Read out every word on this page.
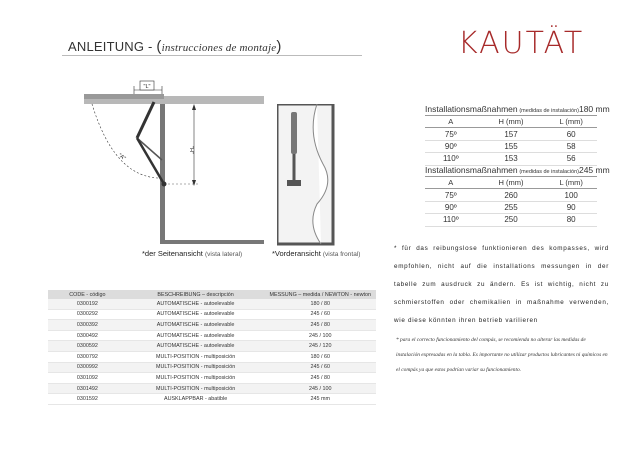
ANLEITUNG - (instrucciones de montaje)	KAUTÄT
"L"
"A"
"H"
*der Seitenansicht (vista lateral)	*Vorderansicht (vista frontal)
Installationsmaßnahmen (medidas de instalación)180 mm
A	H (mm)	L (mm)
75º	157	60
90º	155	58
110º	153	56
Installationsmaßnahmen (medidas de instalación)245 mm
A	H (mm)	L (mm)
75º	260	100
90º	255	90
110º	250	80
* für das reibungslose funktionieren des kompasses, wird empfohlen, nicht auf die installations messungen in der tabelle zum ausdruck zu ändern. Es ist wichtig, nicht zu schmierstoffen oder chemikalien in maßnahme verwenden, wie diese könnten ihren betrieb varilieren
* para el correcto funcionamiento del compás, se recomienda no alterar las medidas de instalación expresadas en la tabla. Es importante no utilizar productos lubricantes ni químicos en el compás ya que estos podrían variar su funcionamiento.
CODE - código	BESCHREIBUNG – descripción	MESSUNG – medida / NEWTON - newton
0300192	AUTOMATISCHE - autoelevable	180 / 80
0300292	AUTOMATISCHE - autoelevable	245 / 60
0300392	AUTOMATISCHE - autoelevable	245 / 80
0300492	AUTOMATISCHE - autoelevable	245 / 100
0300592	AUTOMATISCHE - autoelevable	245 / 120
0300792	MULTI-POSITION - multiposición	180 / 60
0300992	MULTI-POSITION - multiposición	245 / 60
0301092	MULTI-POSITION - multiposición	245 / 80
0301492	MULTI-POSITION - multiposición	245 / 100
0301592	AUSKLAPPBAR - abatible	245 mm
